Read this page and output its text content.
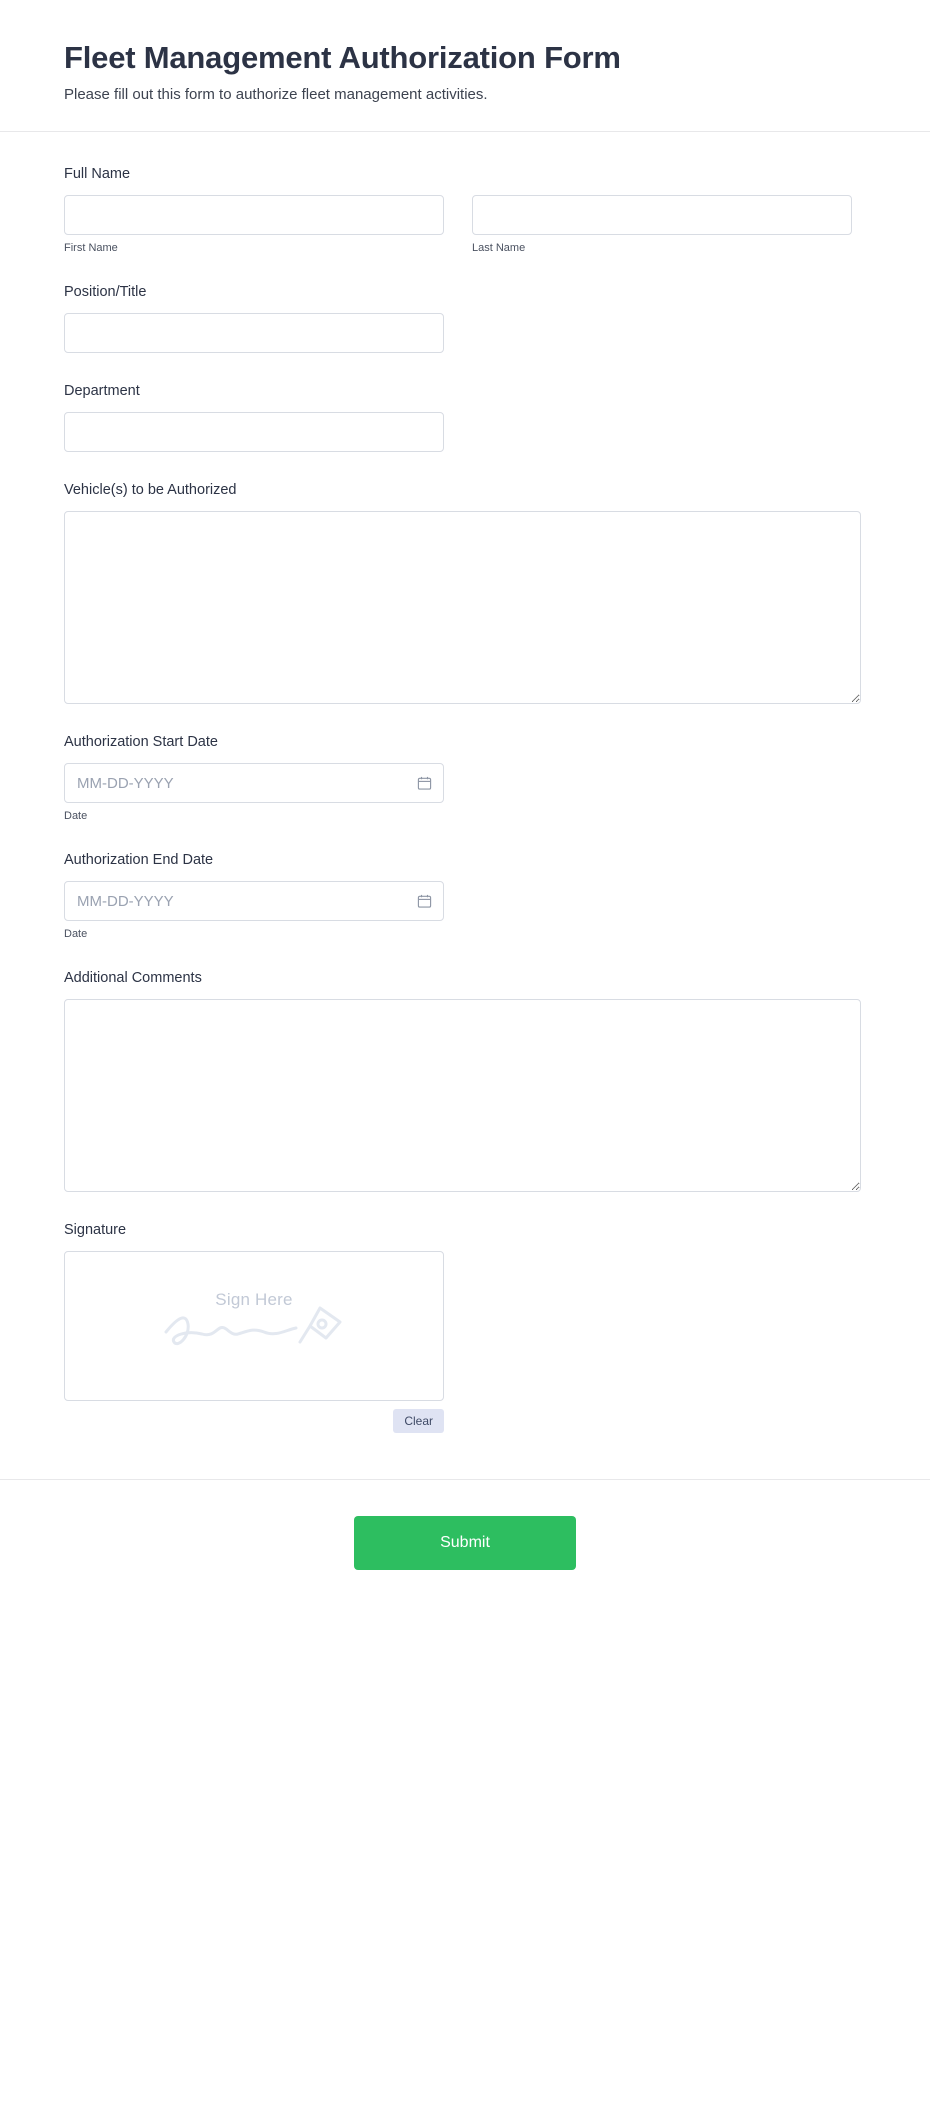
Fleet Management Authorization Form

Please fill out this form to authorize fleet management activities.

Full Name
First Name	Last Name
Position/Title
Department
Vehicle(s) to be Authorized
Authorization Start Date
MM-DD-YYYY
Date
Authorization End Date
MM-DD-YYYY
Date
Additional Comments
Signature
Sign Here
Clear
Submit
